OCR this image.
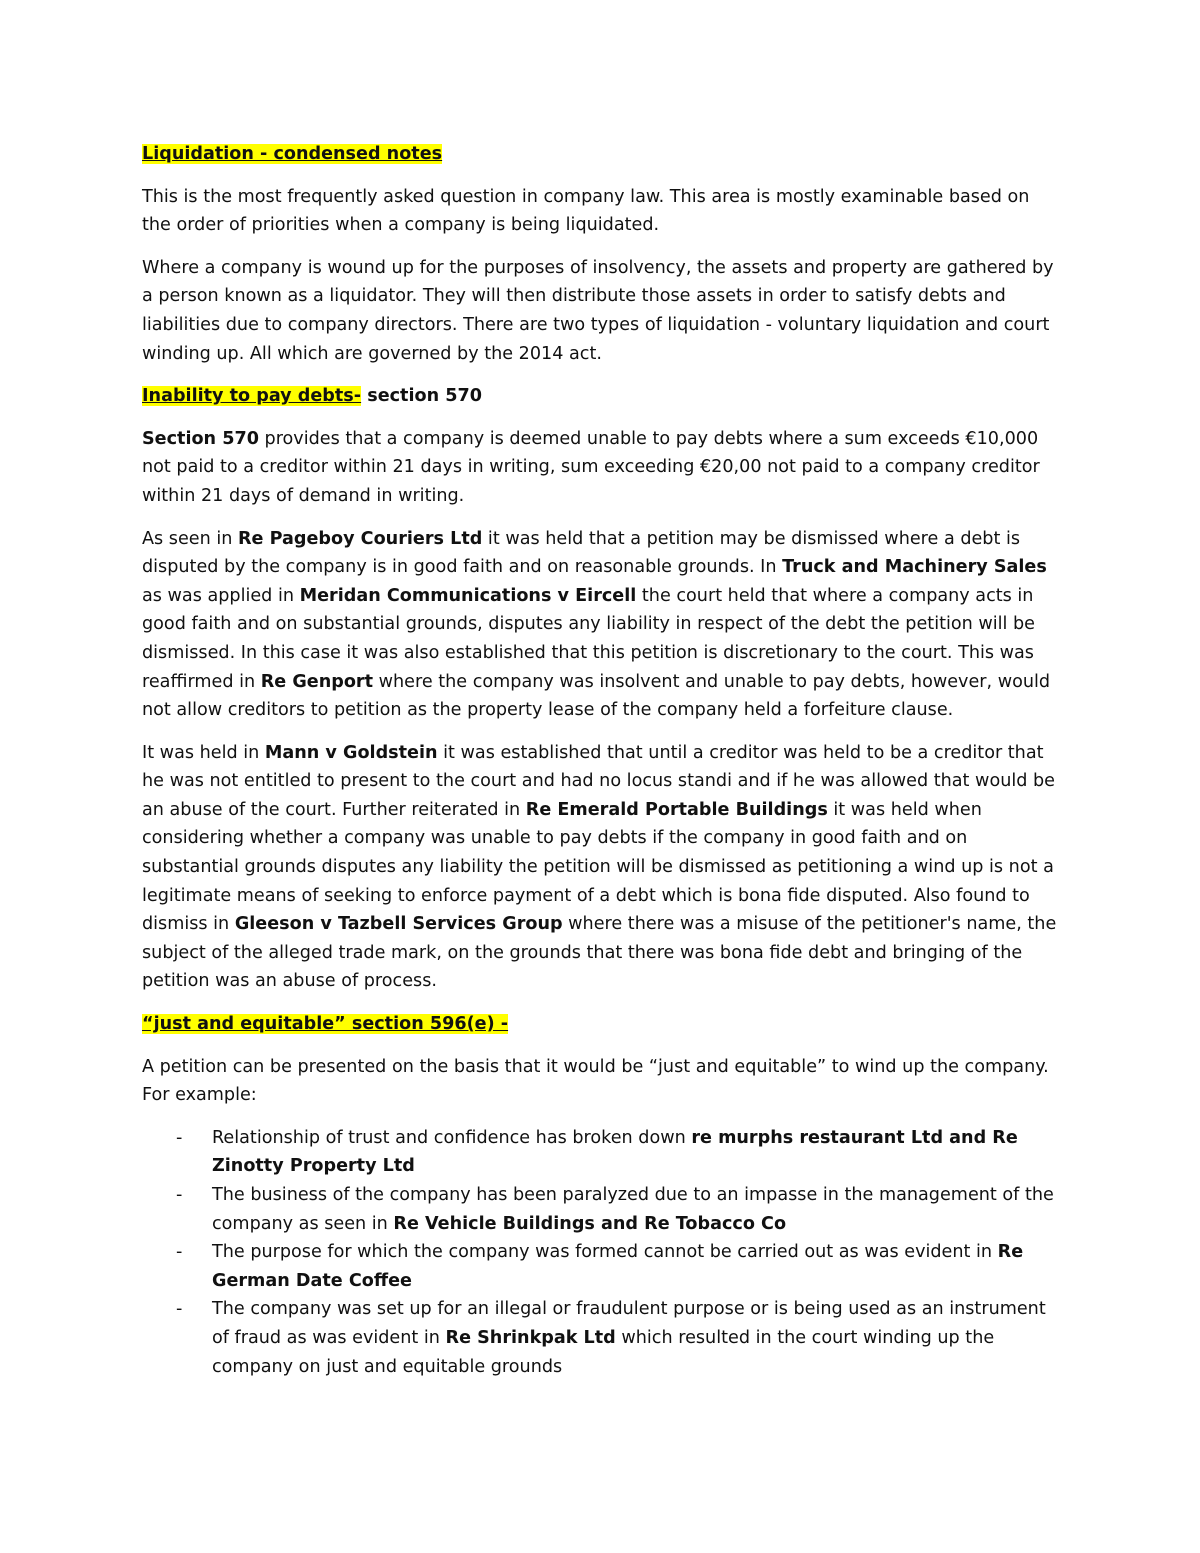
Liquidation - condensed notes

This is the most frequently asked question in company law. This area is mostly examinable based on the order of priorities when a company is being liquidated.

Where a company is wound up for the purposes of insolvency, the assets and property are gathered by a person known as a liquidator. They will then distribute those assets in order to satisfy debts and liabilities due to company directors. There are two types of liquidation - voluntary liquidation and court winding up. All which are governed by the 2014 act.

Inability to pay debts- section 570

Section 570 provides that a company is deemed unable to pay debts where a sum exceeds €10,000 not paid to a creditor within 21 days in writing, sum exceeding €20,00 not paid to a company creditor within 21 days of demand in writing.

As seen in Re Pageboy Couriers Ltd it was held that a petition may be dismissed where a debt is disputed by the company is in good faith and on reasonable grounds. In Truck and Machinery Sales as was applied in Meridan Communications v Eircell the court held that where a company acts in good faith and on substantial grounds, disputes any liability in respect of the debt the petition will be dismissed. In this case it was also established that this petition is discretionary to the court. This was reaffirmed in Re Genport where the company was insolvent and unable to pay debts, however, would not allow creditors to petition as the property lease of the company held a forfeiture clause.

It was held in Mann v Goldstein it was established that until a creditor was held to be a creditor that he was not entitled to present to the court and had no locus standi and if he was allowed that would be an abuse of the court. Further reiterated in Re Emerald Portable Buildings it was held when considering whether a company was unable to pay debts if the company in good faith and on substantial grounds disputes any liability the petition will be dismissed as petitioning a wind up is not a legitimate means of seeking to enforce payment of a debt which is bona fide disputed. Also found to dismiss in Gleeson v Tazbell Services Group where there was a misuse of the petitioner's name, the subject of the alleged trade mark, on the grounds that there was bona fide debt and bringing of the petition was an abuse of process.

“just and equitable” section 596(e) -

A petition can be presented on the basis that it would be “just and equitable” to wind up the company. For example:

- Relationship of trust and confidence has broken down re murphs restaurant Ltd and Re Zinotty Property Ltd
- The business of the company has been paralyzed due to an impasse in the management of the company as seen in Re Vehicle Buildings and Re Tobacco Co
- The purpose for which the company was formed cannot be carried out as was evident in Re German Date Coffee
- The company was set up for an illegal or fraudulent purpose or is being used as an instrument of fraud as was evident in Re Shrinkpak Ltd which resulted in the court winding up the company on just and equitable grounds
